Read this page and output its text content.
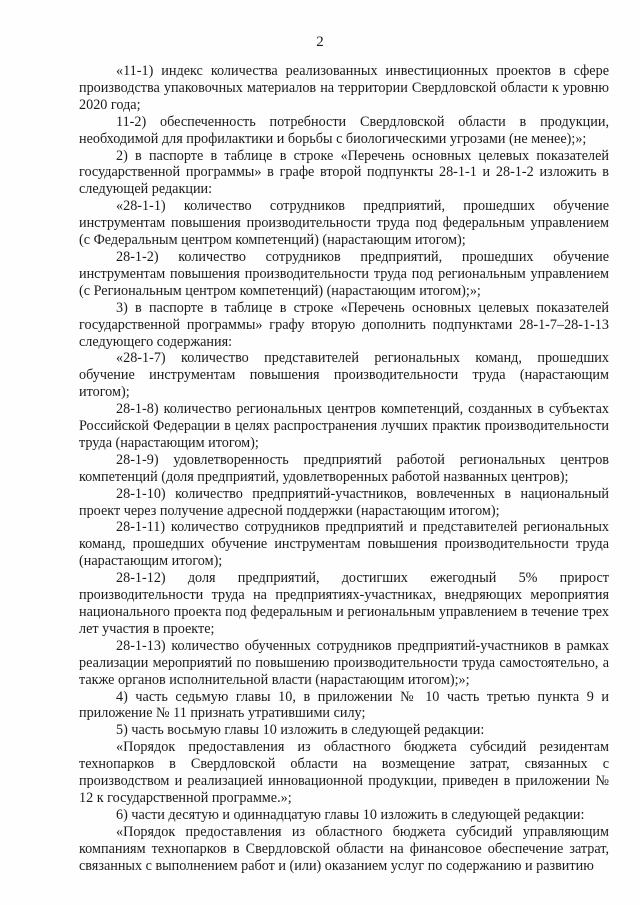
2

«11-1) индекс количества реализованных инвестиционных проектов в сфере производства упаковочных материалов на территории Свердловской области к уровню 2020 года;

11-2) обеспеченность потребности Свердловской области в продукции, необходимой для профилактики и борьбы с биологическими угрозами (не менее);»;

2) в паспорте в таблице в строке «Перечень основных целевых показателей государственной программы» в графе второй подпункты 28-1-1 и 28-1-2 изложить в следующей редакции:

«28-1-1) количество сотрудников предприятий, прошедших обучение инструментам повышения производительности труда под федеральным управлением (с Федеральным центром компетенций) (нарастающим итогом);

28-1-2) количество сотрудников предприятий, прошедших обучение инструментам повышения производительности труда под региональным управлением (с Региональным центром компетенций) (нарастающим итогом);»;

3) в паспорте в таблице в строке «Перечень основных целевых показателей государственной программы» графу вторую дополнить подпунктами 28-1-7–28-1-13 следующего содержания:

«28-1-7) количество представителей региональных команд, прошедших обучение инструментам повышения производительности труда (нарастающим итогом);

28-1-8) количество региональных центров компетенций, созданных в субъектах Российской Федерации в целях распространения лучших практик производительности труда (нарастающим итогом);

28-1-9) удовлетворенность предприятий работой региональных центров компетенций (доля предприятий, удовлетворенных работой названных центров);

28-1-10) количество предприятий-участников, вовлеченных в национальный проект через получение адресной поддержки (нарастающим итогом);

28-1-11) количество сотрудников предприятий и представителей региональных команд, прошедших обучение инструментам повышения производительности труда (нарастающим итогом);

28-1-12) доля предприятий, достигших ежегодный 5% прирост производительности труда на предприятиях-участниках, внедряющих мероприятия национального проекта под федеральным и региональным управлением в течение трех лет участия в проекте;

28-1-13) количество обученных сотрудников предприятий-участников в рамках реализации мероприятий по повышению производительности труда самостоятельно, а также органов исполнительной власти (нарастающим итогом);»;

4) часть седьмую главы 10, в приложении № 10 часть третью пункта 9 и приложение № 11 признать утратившими силу;

5) часть восьмую главы 10 изложить в следующей редакции:

«Порядок предоставления из областного бюджета субсидий резидентам технопарков в Свердловской области на возмещение затрат, связанных с производством и реализацией инновационной продукции, приведен в приложении № 12 к государственной программе.»;

6) части десятую и одиннадцатую главы 10 изложить в следующей редакции:

«Порядок предоставления из областного бюджета субсидий управляющим компаниям технопарков в Свердловской области на финансовое обеспечение затрат, связанных с выполнением работ и (или) оказанием услуг по содержанию и развитию
